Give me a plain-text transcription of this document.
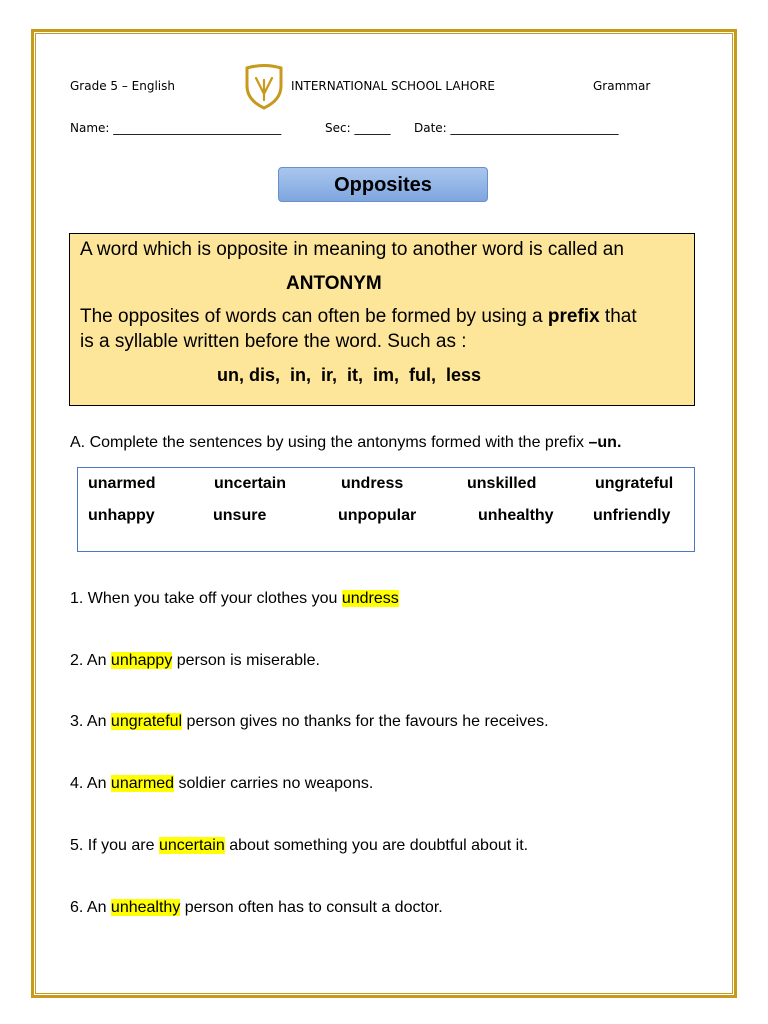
Grade 5 – English	INTERNATIONAL SCHOOL LAHORE	Grammar
Name: ____________________________	Sec: ______ Date: ____________________________
Opposites
A word which is opposite in meaning to another word is called an
ANTONYM
The opposites of words can often be formed by using a prefix that
is a syllable written before the word. Such as :
un, dis,  in,  ir,  it,  im,  ful,  less
A. Complete the sentences by using the antonyms formed with the prefix –un.
unarmed	uncertain	undress	unskilled	ungrateful
unhappy	unsure	unpopular	unhealthy unfriendly
1. When you take off your clothes you undress
2. An unhappy person is miserable.
3. An ungrateful person gives no thanks for the favours he receives.
4. An unarmed soldier carries no weapons.
5. If you are uncertain about something you are doubtful about it.
6. An unhealthy person often has to consult a doctor.
